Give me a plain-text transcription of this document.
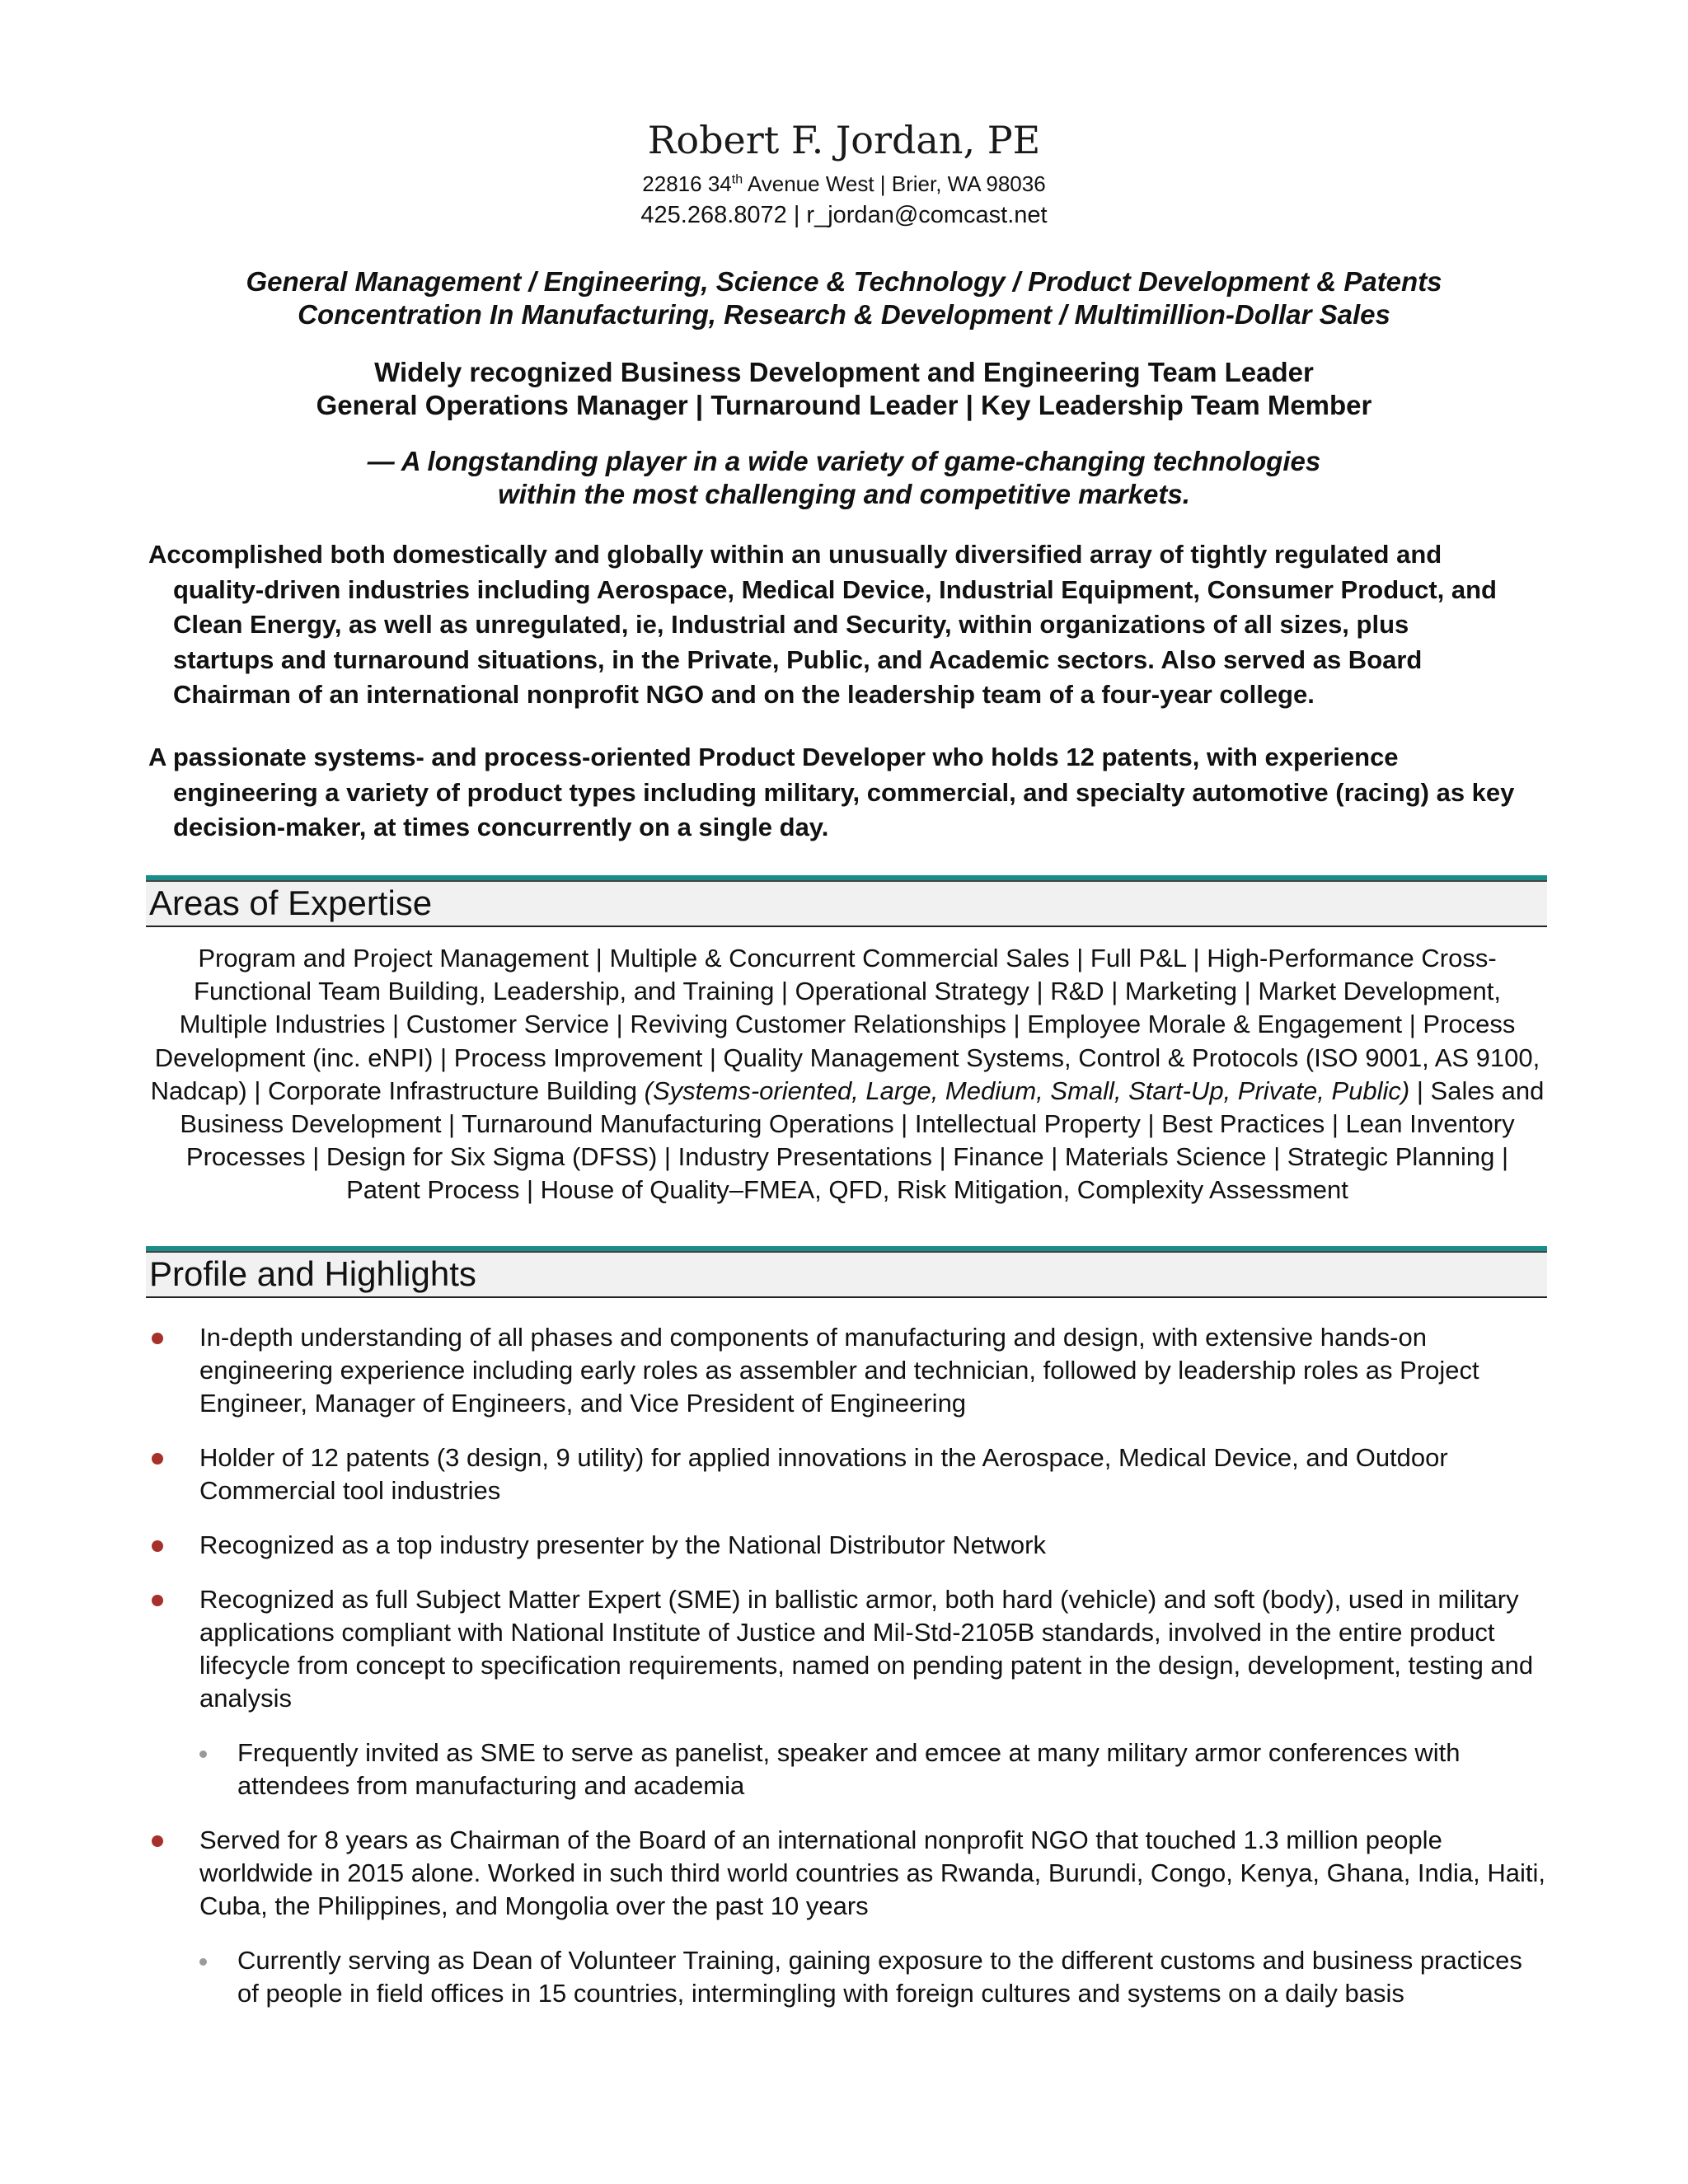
Robert F. Jordan, PE
22816 34th Avenue West | Brier, WA 98036
425.268.8072 | r_jordan@comcast.net
General Management / Engineering, Science & Technology / Product Development & Patents
Concentration In Manufacturing, Research & Development / Multimillion-Dollar Sales
Widely recognized Business Development and Engineering Team Leader
General Operations Manager | Turnaround Leader | Key Leadership Team Member
— A longstanding player in a wide variety of game-changing technologies
within the most challenging and competitive markets.

Accomplished both domestically and globally within an unusually diversified array of tightly regulated and quality-driven industries including Aerospace, Medical Device, Industrial Equipment, Consumer Product, and Clean Energy, as well as unregulated, ie, Industrial and Security, within organizations of all sizes, plus startups and turnaround situations, in the Private, Public, and Academic sectors. Also served as Board Chairman of an international nonprofit NGO and on the leadership team of a four-year college.

A passionate systems- and process-oriented Product Developer who holds 12 patents, with experience engineering a variety of product types including military, commercial, and specialty automotive (racing) as key decision-maker, at times concurrently on a single day.

Areas of Expertise
Program and Project Management | Multiple & Concurrent Commercial Sales | Full P&L | High-Performance Cross-Functional Team Building, Leadership, and Training | Operational Strategy | R&D | Marketing | Market Development, Multiple Industries | Customer Service | Reviving Customer Relationships | Employee Morale & Engagement | Process Development (inc. eNPI) | Process Improvement | Quality Management Systems, Control & Protocols (ISO 9001, AS 9100, Nadcap) | Corporate Infrastructure Building (Systems-oriented, Large, Medium, Small, Start-Up, Private, Public) | Sales and Business Development | Turnaround Manufacturing Operations | Intellectual Property | Best Practices | Lean Inventory Processes | Design for Six Sigma (DFSS) | Industry Presentations | Finance | Materials Science | Strategic Planning | Patent Process | House of Quality–FMEA, QFD, Risk Mitigation, Complexity Assessment
Profile and Highlights
In-depth understanding of all phases and components of manufacturing and design, with extensive hands-on engineering experience including early roles as assembler and technician, followed by leadership roles as Project Engineer, Manager of Engineers, and Vice President of Engineering
Holder of 12 patents (3 design, 9 utility) for applied innovations in the Aerospace, Medical Device, and Outdoor Commercial tool industries
Recognized as a top industry presenter by the National Distributor Network
Recognized as full Subject Matter Expert (SME) in ballistic armor, both hard (vehicle) and soft (body), used in military applications compliant with National Institute of Justice and Mil-Std-2105B standards, involved in the entire product lifecycle from concept to specification requirements, named on pending patent in the design, development, testing and analysis
Frequently invited as SME to serve as panelist, speaker and emcee at many military armor conferences with attendees from manufacturing and academia
Served for 8 years as Chairman of the Board of an international nonprofit NGO that touched 1.3 million people worldwide in 2015 alone. Worked in such third world countries as Rwanda, Burundi, Congo, Kenya, Ghana, India, Haiti, Cuba, the Philippines, and Mongolia over the past 10 years
Currently serving as Dean of Volunteer Training, gaining exposure to the different customs and business practices of people in field offices in 15 countries, intermingling with foreign cultures and systems on a daily basis
